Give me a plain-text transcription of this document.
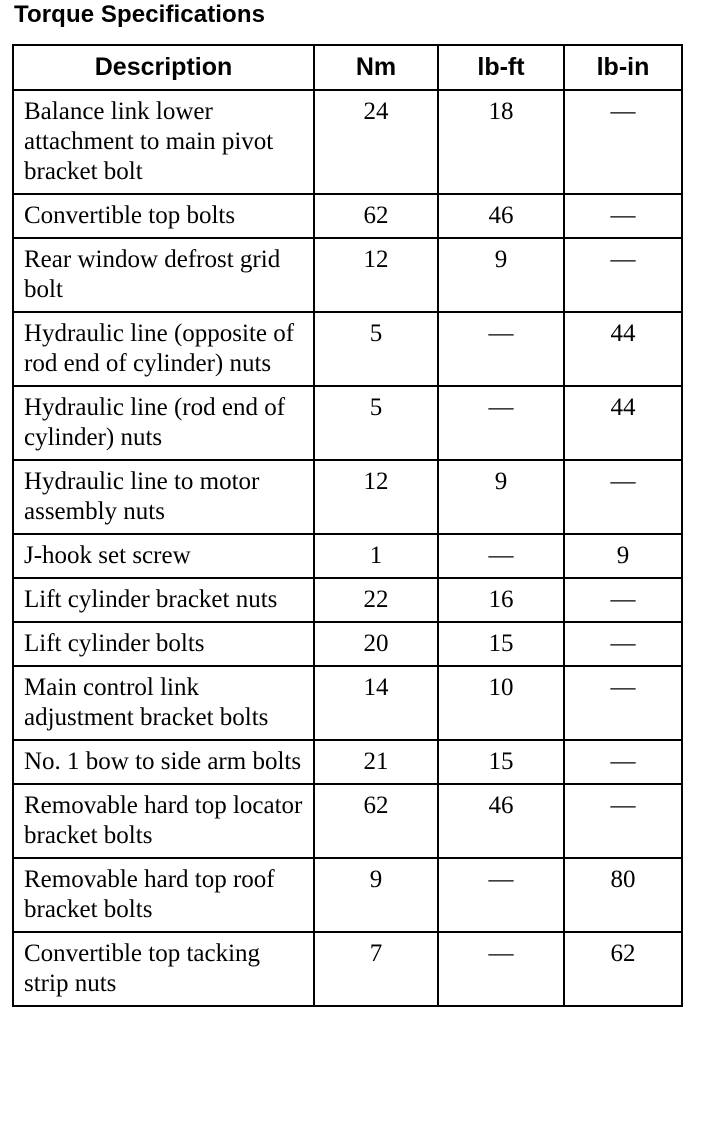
Torque Specifications
Description	Nm	lb-ft	lb-in
Balance link lower attachment to main pivot bracket bolt	24	18	—
Convertible top bolts	62	46	—
Rear window defrost grid bolt	12	9	—
Hydraulic line (opposite of rod end of cylinder) nuts	5	—	44
Hydraulic line (rod end of cylinder) nuts	5	—	44
Hydraulic line to motor assembly nuts	12	9	—
J-hook set screw	1	—	9
Lift cylinder bracket nuts	22	16	—
Lift cylinder bolts	20	15	—
Main control link adjustment bracket bolts	14	10	—
No. 1 bow to side arm bolts	21	15	—
Removable hard top locator bracket bolts	62	46	—
Removable hard top roof bracket bolts	9	—	80
Convertible top tacking strip nuts	7	—	62
